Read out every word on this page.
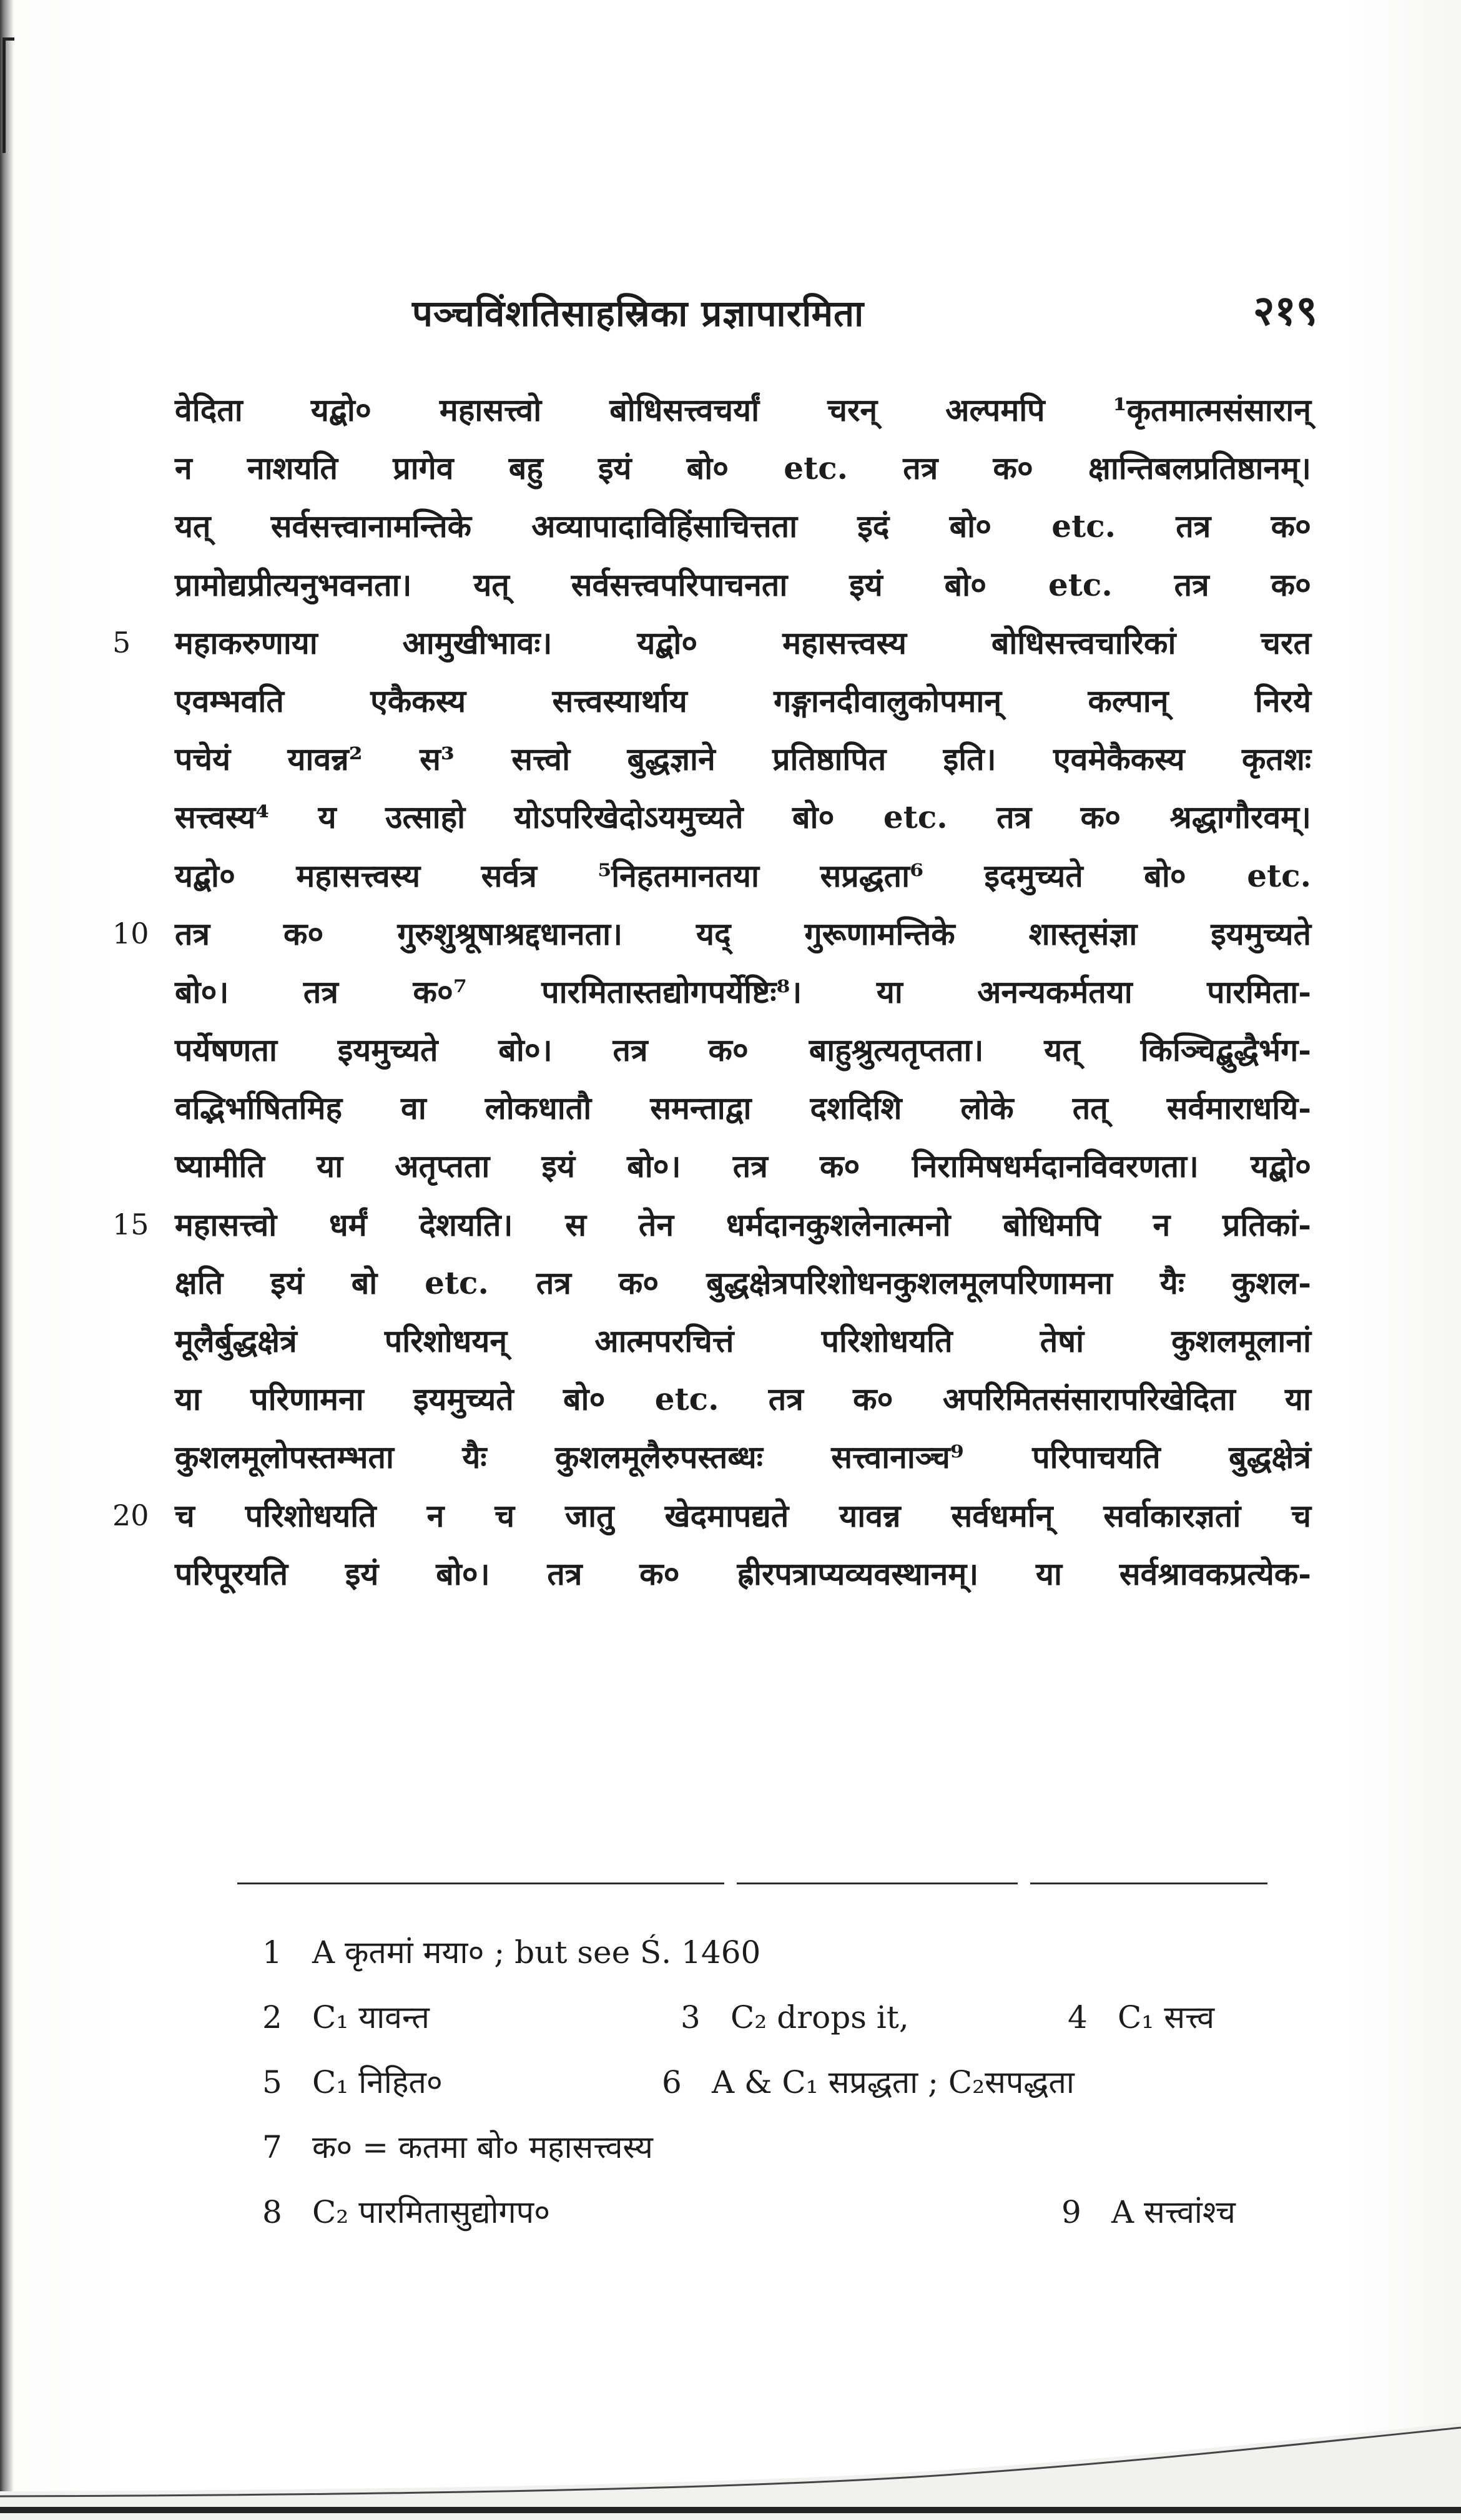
पञ्चविंशतिसाहस्रिका प्रज्ञापारमिता	२१९
वेदिता यद्बो० महासत्त्वो बोधिसत्त्वचर्यां चरन् अल्पमपि ¹कृतमात्मसंसारान्
न नाशयति प्रागेव बहु इयं बो० etc. तत्र क० क्षान्तिबलप्रतिष्ठानम्।
यत् सर्वसत्त्वानामन्तिके अव्यापादाविहिंसाचित्तता इदं बो० etc. तत्र क०
प्रामोद्यप्रीत्यनुभवनता। यत् सर्वसत्त्वपरिपाचनता इयं बो० etc. तत्र क०
5	महाकरुणाया आमुखीभावः। यद्बो० महासत्त्वस्य बोधिसत्त्वचारिकां चरत
एवम्भवति एकैकस्य सत्त्वस्यार्थाय गङ्गानदीवालुकोपमान् कल्पान् निरये
पचेयं यावन्न² स³ सत्त्वो बुद्धज्ञाने प्रतिष्ठापित इति। एवमेकैकस्य कृतशः
सत्त्वस्य⁴ य उत्साहो योऽपरिखेदोऽयमुच्यते बो० etc. तत्र क० श्रद्धागौरवम्।
यद्बो० महासत्त्वस्य सर्वत्र ⁵निहतमानतया सप्रद्धता⁶ इदमुच्यते बो० etc.
10 तत्र क० गुरुशुश्रूषाश्रद्दधानता। यद् गुरूणामन्तिके शास्तृसंज्ञा इयमुच्यते
बो०। तत्र क०⁷ पारमितास्तद्योगपर्येष्टिः⁸। या अनन्यकर्मतया पारमिता-
पर्येषणता इयमुच्यते बो०। तत्र क० बाहुश्रुत्यतृप्तता। यत् किञ्चिद्बुद्धैर्भग-
वद्भिर्भाषितमिह वा लोकधातौ समन्ताद्वा दशदिशि लोके तत् सर्वमाराधयि-
ष्यामीति या अतृप्तता इयं बो०। तत्र क० निरामिषधर्मदानविवरणता। यद्बो०
15 महासत्त्वो धर्मं देशयति। स तेन धर्मदानकुशलेनात्मनो बोधिमपि न प्रतिकां-
क्षति इयं बो etc. तत्र क० बुद्धक्षेत्रपरिशोधनकुशलमूलपरिणामना यैः कुशल-
मूलैर्बुद्धक्षेत्रं परिशोधयन् आत्मपरचित्तं परिशोधयति तेषां कुशलमूलानां
या परिणामना इयमुच्यते बो० etc. तत्र क० अपरिमितसंसारापरिखेदिता या
कुशलमूलोपस्तम्भता यैः कुशलमूलैरुपस्तब्धः सत्त्वानाञ्च⁹ परिपाचयति बुद्धक्षेत्रं
20 च परिशोधयति न च जातु खेदमापद्यते यावन्न सर्वधर्मान् सर्वाकारज्ञतां च
परिपूरयति इयं बो०। तत्र क० ह्रीरपत्राप्यव्यवस्थानम्। या सर्वश्रावकप्रत्येक-
1 A कृतमां मया० ; but see Ś. 1460
2 C₁ यावन्त	3 C₂ drops it,	4 C₁ सत्त्व
5 C₁ निहित०	6 A & C₁ सप्रद्धता ; C₂सपद्धता
7 क० = कतमा बो० महासत्त्वस्य
8 C₂ पारमितासुद्योगप०	9 A सत्त्वांश्च
